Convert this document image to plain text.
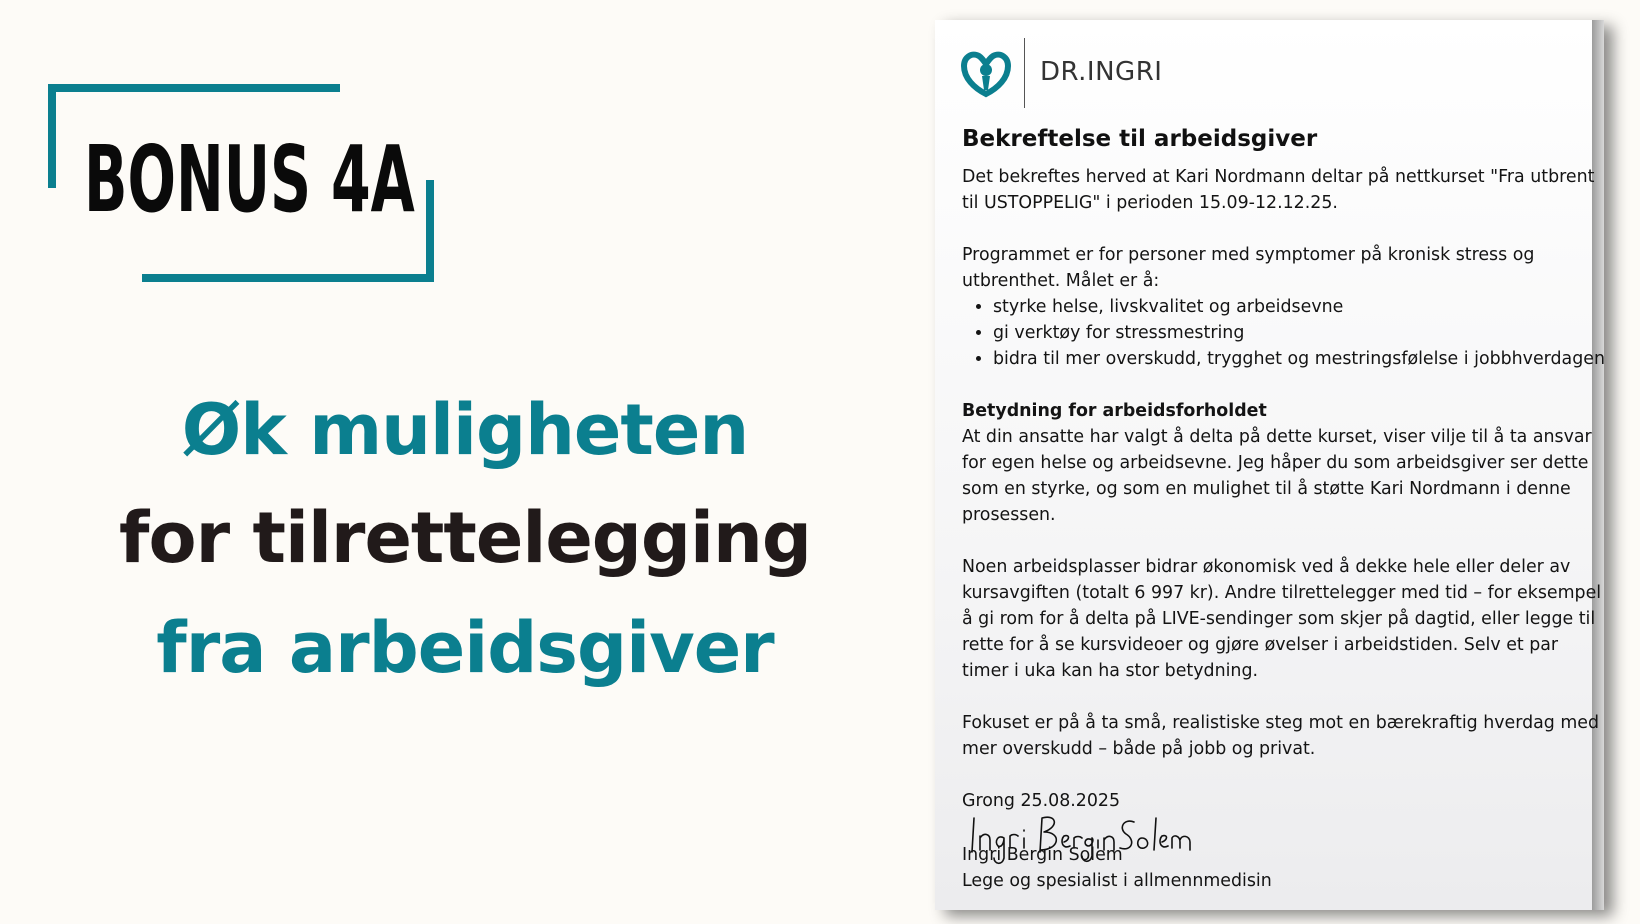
BONUS 4A
Øk muligheten
for tilrettelegging
fra arbeidsgiver
DR.INGRI
Bekreftelse til arbeidsgiver

Det bekreftes herved at Kari Nordmann deltar på nettkurset "Fra utbrent til USTOPPELIG" i perioden 15.09-12.12.25.

Programmet er for personer med symptomer på kronisk stress og utbrenthet. Målet er å:

• styrke helse, livskvalitet og arbeidsevne
• gi verktøy for stressmestring
• bidra til mer overskudd, trygghet og mestringsfølelse i jobbhverdagen

Betydning for arbeidsforholdet

At din ansatte har valgt å delta på dette kurset, viser vilje til å ta ansvar for egen helse og arbeidsevne. Jeg håper du som arbeidsgiver ser dette som en styrke, og som en mulighet til å støtte Kari Nordmann i denne prosessen.

Noen arbeidsplasser bidrar økonomisk ved å dekke hele eller deler av kursavgiften (totalt 6 997 kr). Andre tilrettelegger med tid – for eksempel å gi rom for å delta på LIVE-sendinger som skjer på dagtid, eller legge til rette for å se kursvideoer og gjøre øvelser i arbeidstiden. Selv et par timer i uka kan ha stor betydning.

Fokuset er på å ta små, realistiske steg mot en bærekraftig hverdag med mer overskudd – både på jobb og privat.

Grong 25.08.2025

Ingri Bergin Solem

Lege og spesialist i allmennmedisin
